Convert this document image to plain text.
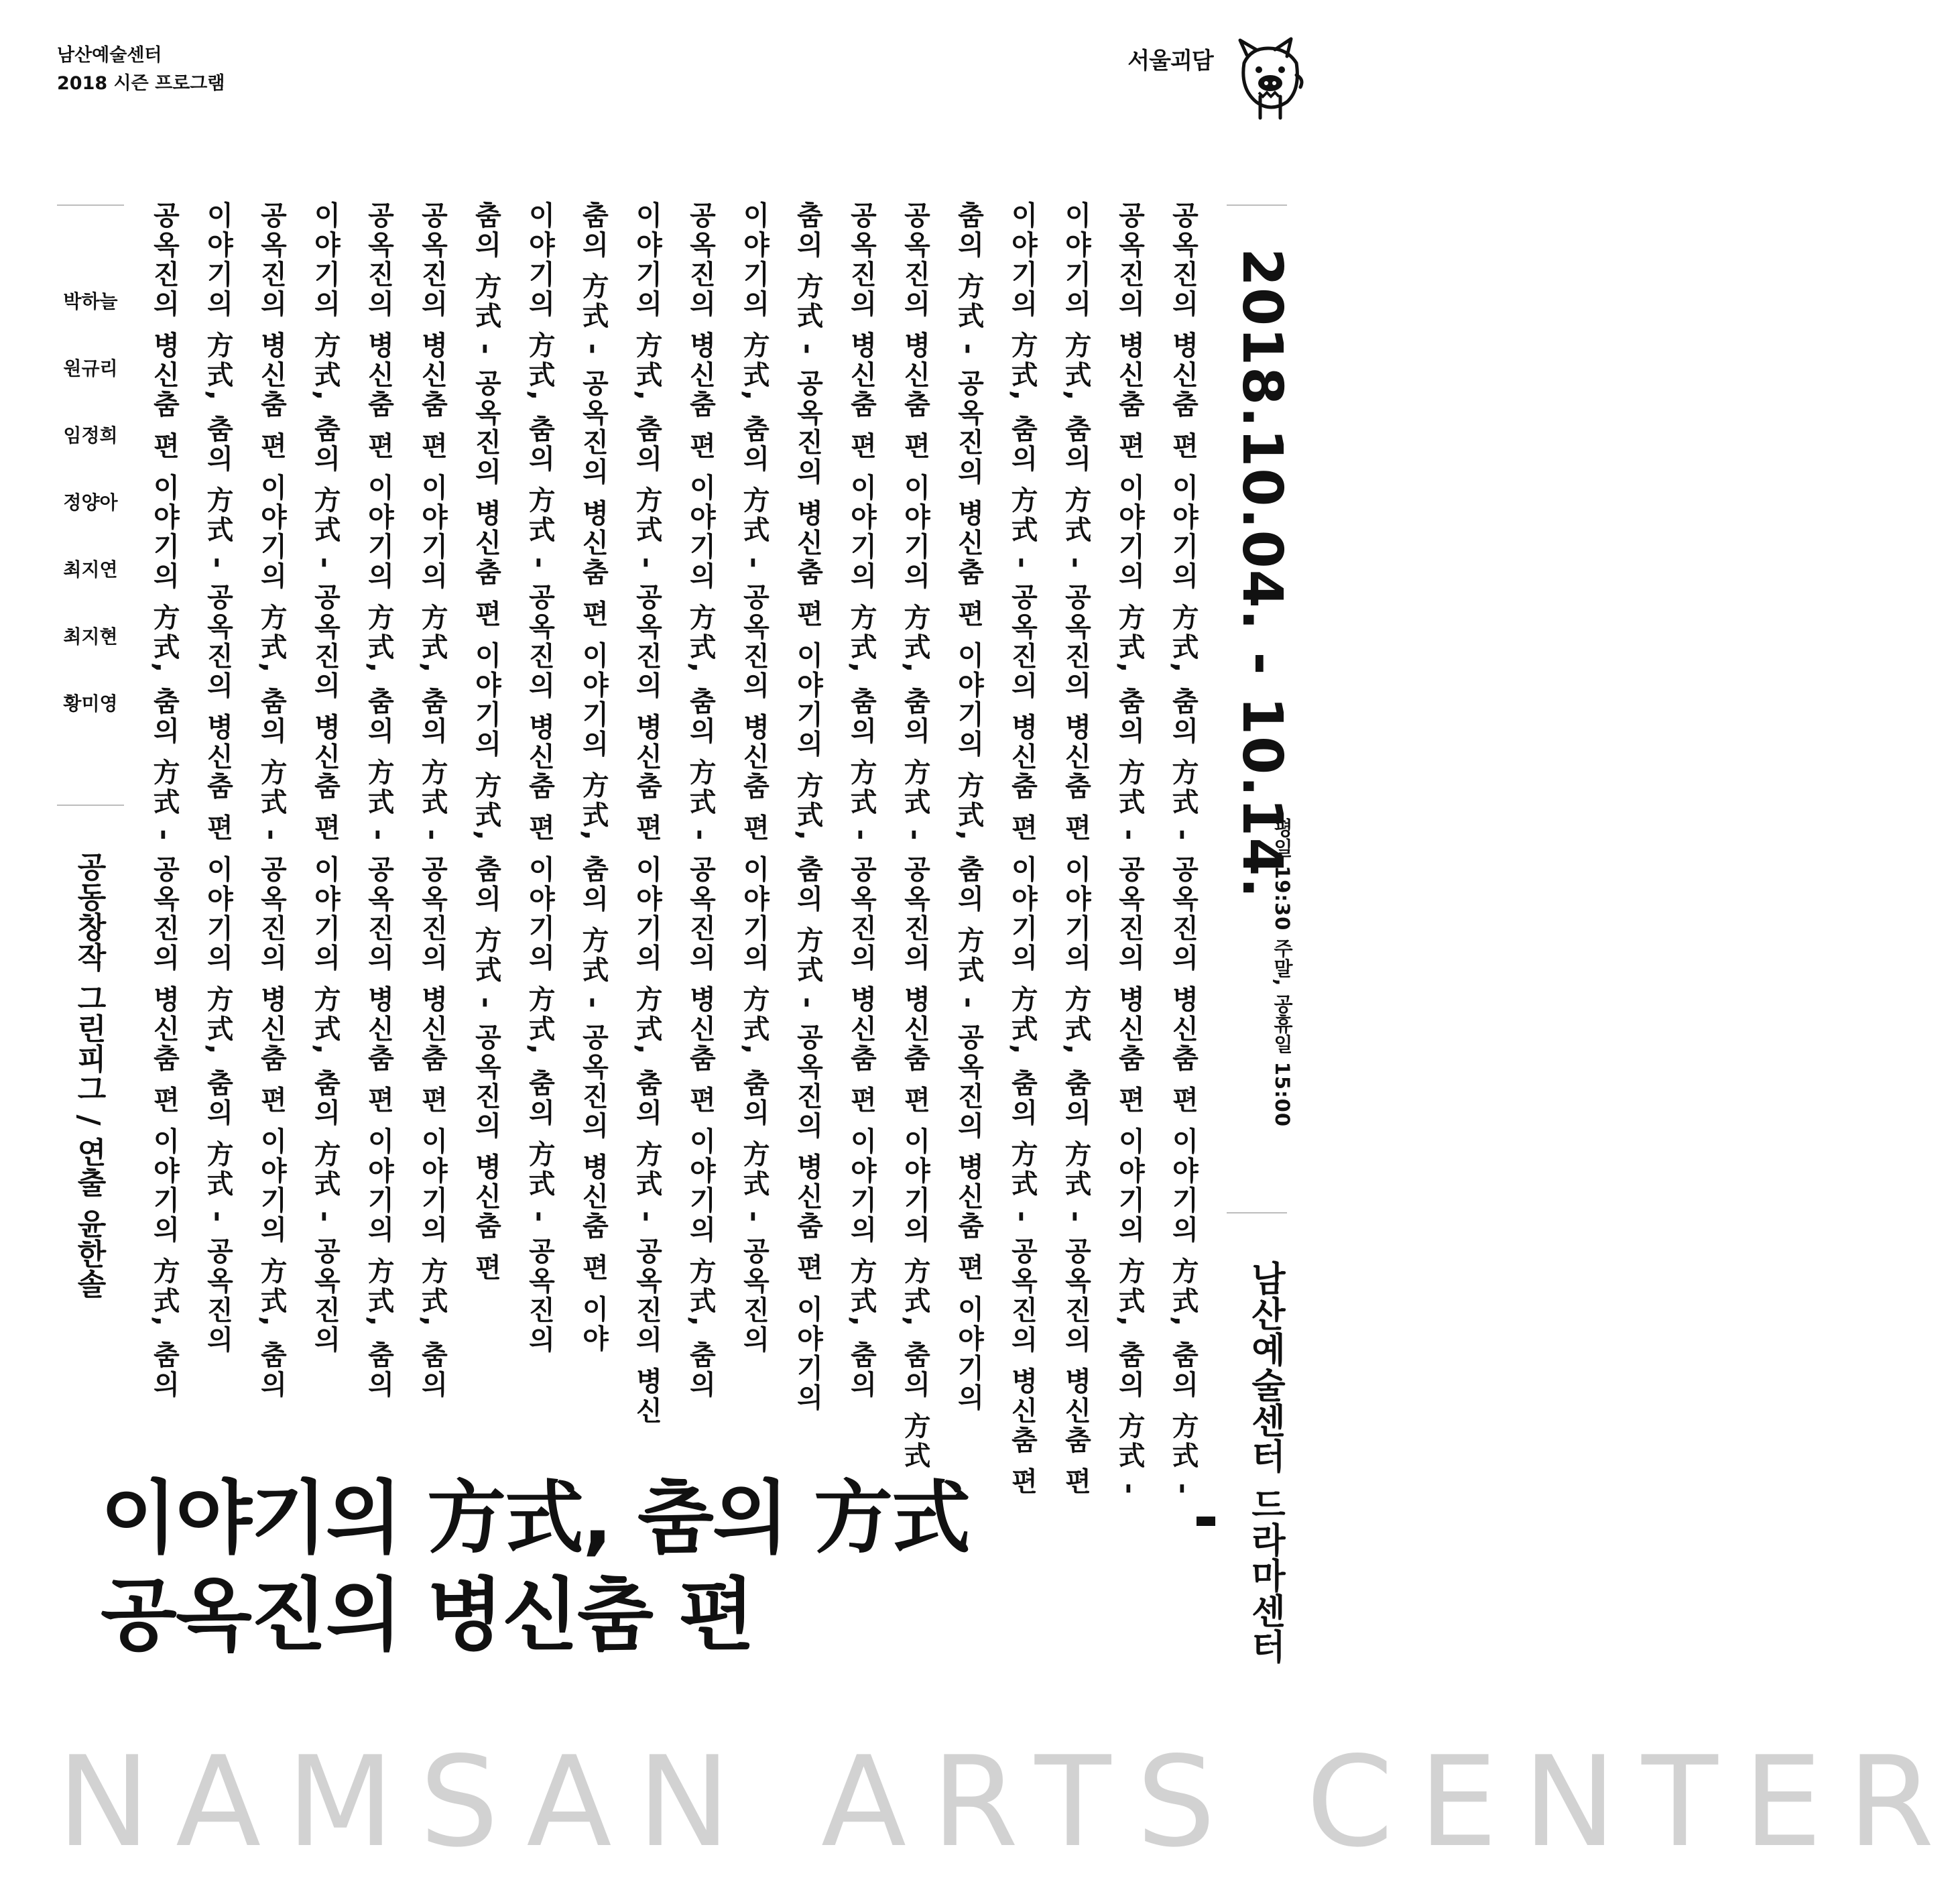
남산예술센터
2018 시즌 프로그램
서울괴담
박하늘
원규리
임정희
정양아
최지연
최지현
황미영
공동창작 그린피그 / 연출 윤한솔	공옥진의 병신춤 편 이야기의 方式, 춤의 方式 - 공옥진의 병신춤 편 이야기의 方式, 춤의 方式 -
공옥진의 병신춤 편 이야기의 方式, 춤의 方式 - 공옥진의 병신춤 편 이야기의 方式, 춤의 方式 -
이야기의 方式, 춤의 方式 - 공옥진의 병신춤 편 이야기의 方式, 춤의 方式 - 공옥진의 병신춤 편
이야기의 方式, 춤의 方式 - 공옥진의 병신춤 편 이야기의 方式, 춤의 方式 - 공옥진의 병신춤 편
춤의 方式 - 공옥진의 병신춤 편 이야기의 方式, 춤의 方式 - 공옥진의 병신춤 편 이야기의
공옥진의 병신춤 편 이야기의 方式, 춤의 方式 - 공옥진의 병신춤 편 이야기의 方式, 춤의 方式
공옥진의 병신춤 편 이야기의 方式, 춤의 方式 - 공옥진의 병신춤 편 이야기의 方式, 춤의
춤의 方式 - 공옥진의 병신춤 편 이야기의 方式, 춤의 方式 - 공옥진의 병신춤 편 이야기의
이야기의 方式, 춤의 方式 - 공옥진의 병신춤 편 이야기의 方式, 춤의 方式 - 공옥진의
공옥진의 병신춤 편 이야기의 方式, 춤의 方式 - 공옥진의 병신춤 편 이야기의 方式, 춤의
이야기의 方式, 춤의 方式 - 공옥진의 병신춤 편 이야기의 方式, 춤의 方式 - 공옥진의 병신
춤의 方式 - 공옥진의 병신춤 편 이야기의 方式, 춤의 方式 - 공옥진의 병신춤 편 이야
이야기의 方式, 춤의 方式 - 공옥진의 병신춤 편 이야기의 方式, 춤의 方式 - 공옥진의
춤의 方式 - 공옥진의 병신춤 편 이야기의 方式, 춤의 方式 - 공옥진의 병신춤 편
공옥진의 병신춤 편 이야기의 方式, 춤의 方式 - 공옥진의 병신춤 편 이야기의 方式, 춤의
공옥진의 병신춤 편 이야기의 方式, 춤의 方式 - 공옥진의 병신춤 편 이야기의 方式, 춤의
이야기의 方式, 춤의 方式 - 공옥진의 병신춤 편 이야기의 方式, 춤의 方式 - 공옥진의
공옥진의 병신춤 편 이야기의 方式, 춤의 方式 - 공옥진의 병신춤 편 이야기의 方式, 춤의
이야기의 方式, 춤의 方式 - 공옥진의 병신춤 편 이야기의 方式, 춤의 方式 - 공옥진의
공옥진의 병신춤 편 이야기의 方式, 춤의 方式 - 공옥진의 병신춤 편 이야기의 方式, 춤의	2018.10.04. - 10.14.
평일 19:30 주말, 공휴일 15:00
남산예술센터 드라마센터
이야기의 方式, 춤의 方式
공옥진의 병신춤 편
NAMSAN ARTS CENTER
